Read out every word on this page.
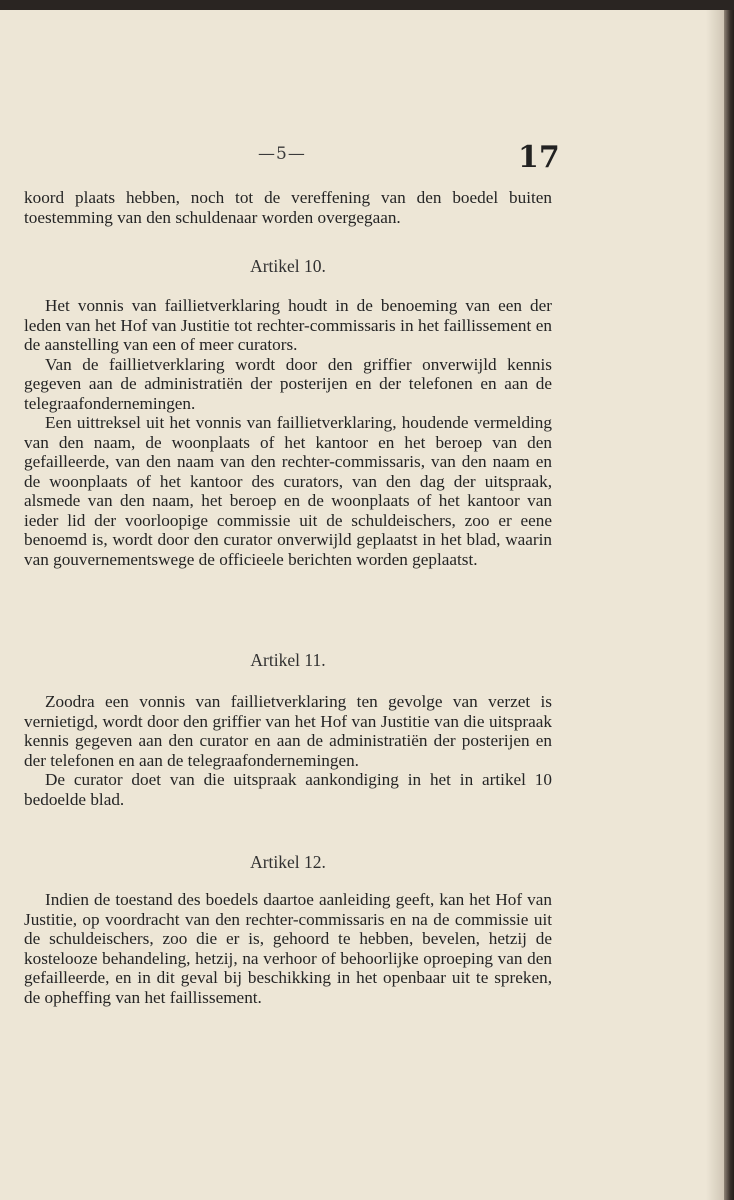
—5—	17

koord plaats hebben, noch tot de vereffening van den boedel buiten toestemming van den schuldenaar worden overgegaan.

Artikel 10.

Het vonnis van faillietverklaring houdt in de benoeming van een der leden van het Hof van Justitie tot rechter-commissaris in het faillissement en de aanstelling van een of meer curators.

Van de faillietverklaring wordt door den griffier onverwijld kennis gegeven aan de administratiën der posterijen en der telefonen en aan de telegraafondernemingen.

Een uittreksel uit het vonnis van faillietverklaring, houdende vermelding van den naam, de woonplaats of het kantoor en het beroep van den gefailleerde, van den naam van den rechter-commissaris, van den naam en de woonplaats of het kantoor des curators, van den dag der uitspraak, alsmede van den naam, het beroep en de woonplaats of het kantoor van ieder lid der voorloopige commissie uit de schuldeischers, zoo er eene benoemd is, wordt door den curator onverwijld geplaatst in het blad, waarin van gouvernementswege de officieele berichten worden geplaatst.

Artikel 11.

Zoodra een vonnis van faillietverklaring ten gevolge van verzet is vernietigd, wordt door den griffier van het Hof van Justitie van die uitspraak kennis gegeven aan den curator en aan de administratiën der posterijen en der telefonen en aan de telegraafondernemingen.

De curator doet van die uitspraak aankondiging in het in artikel 10 bedoelde blad.

Artikel 12.

Indien de toestand des boedels daartoe aanleiding geeft, kan het Hof van Justitie, op voordracht van den rechter-commissaris en na de commissie uit de schuldeischers, zoo die er is, gehoord te hebben, bevelen, hetzij de kostelooze behandeling, hetzij, na verhoor of behoorlijke oproeping van den gefailleerde, en in dit geval bij beschikking in het openbaar uit te spreken, de opheffing van het faillissement.
